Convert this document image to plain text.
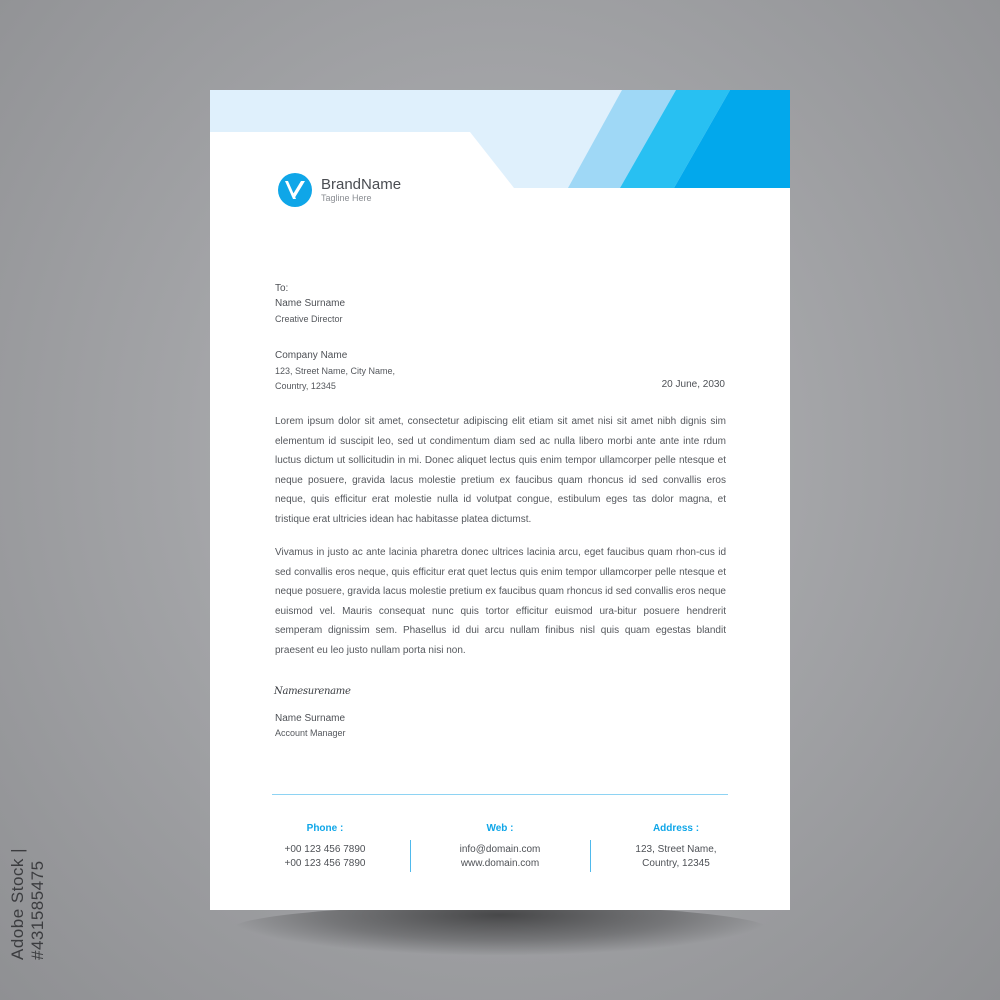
BrandName
Tagline Here
To:
Name Surname
Creative Director
Company Name
123, Street Name, City Name,
Country, 12345	20 June, 2030
Lorem ipsum dolor sit amet, consectetur adipiscing elit etiam sit amet nisi sit amet nibh dignis sim elementum id suscipit leo, sed ut condimentum diam sed ac nulla libero morbi ante ante inte rdum luctus dictum ut sollicitudin in mi. Donec aliquet lectus quis enim tempor ullamcorper pelle ntesque et neque posuere, gravida lacus molestie pretium ex faucibus quam rhoncus id sed convallis eros neque, quis efficitur erat molestie nulla id volutpat congue, estibulum eges tas dolor magna, et tristique erat ultricies idean hac habitasse platea dictumst.
Vivamus in justo ac ante lacinia pharetra donec ultrices lacinia arcu, eget faucibus quam rhon-cus id sed convallis eros neque, quis efficitur erat quet lectus quis enim tempor ullamcorper pelle ntesque et neque posuere, gravida lacus molestie pretium ex faucibus quam rhoncus id sed convallis eros neque euismod vel. Mauris consequat nunc quis tortor efficitur euismod ura-bitur posuere hendrerit semperam dignissim sem. Phasellus id dui arcu nullam finibus nisl quis quam egestas blandit praesent eu leo justo nullam porta nisi non.
Namesurename
Name Surname
Account Manager
Phone :
+00 123 456 7890
+00 123 456 7890
Web :
info@domain.com
www.domain.com
Address :
123, Street Name,
Country, 12345
Adobe Stock | #431585475
